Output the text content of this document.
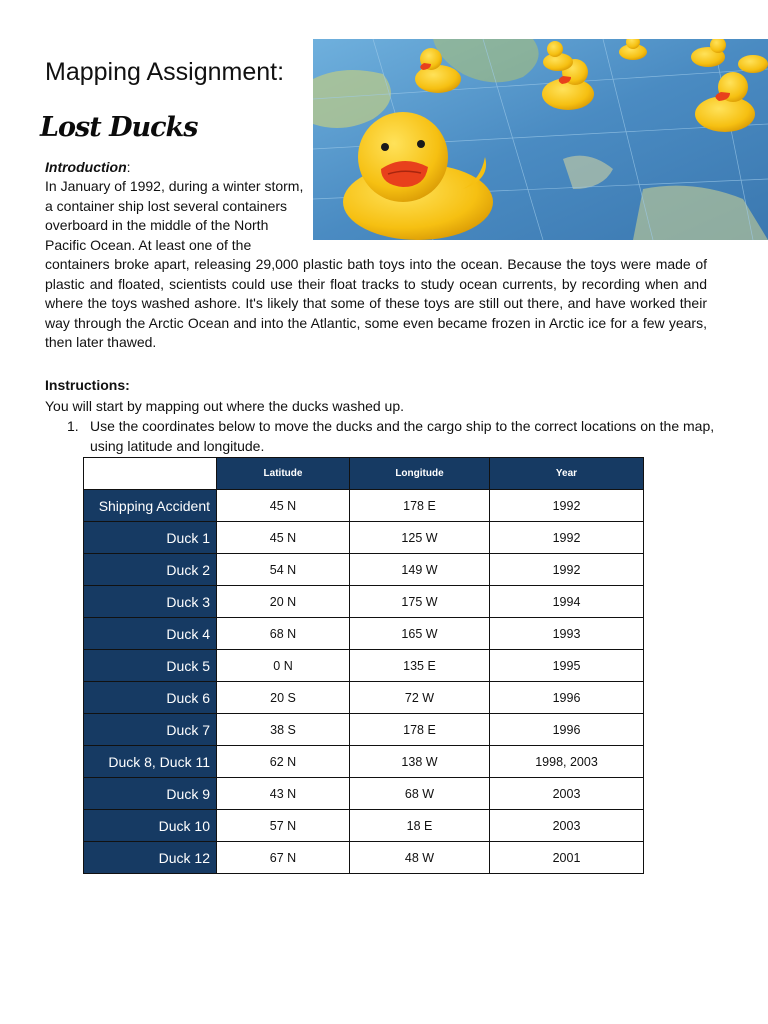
Mapping Assignment:
Lost Ducks
Introduction:
In January of 1992, during a winter storm, a container ship lost several containers overboard in the middle of the North Pacific Ocean. At least one of the
containers broke apart, releasing 29,000 plastic bath toys into the ocean. Because the toys were made of plastic and floated, scientists could use their float tracks to study ocean currents, by recording when and where the toys washed ashore. It's likely that some of these toys are still out there, and have worked their way through the Arctic Ocean and into the Atlantic, some even became frozen in Arctic ice for a few years, then later thawed.
Instructions:
You will start by mapping out where the ducks washed up.
1. Use the coordinates below to move the ducks and the cargo ship to the correct locations on the map, using latitude and longitude.
	Latitude	Longitude	Year
Shipping Accident	45 N	178 E	1992
Duck 1	45 N	125 W	1992
Duck 2	54 N	149 W	1992
Duck 3	20 N	175 W	1994
Duck 4	68 N	165 W	1993
Duck 5	0 N	135 E	1995
Duck 6	20 S	72 W	1996
Duck 7	38 S	178 E	1996
Duck 8, Duck 11	62 N	138 W	1998, 2003
Duck 9	43 N	68 W	2003
Duck 10	57 N	18 E	2003
Duck 12	67 N	48 W	2001
